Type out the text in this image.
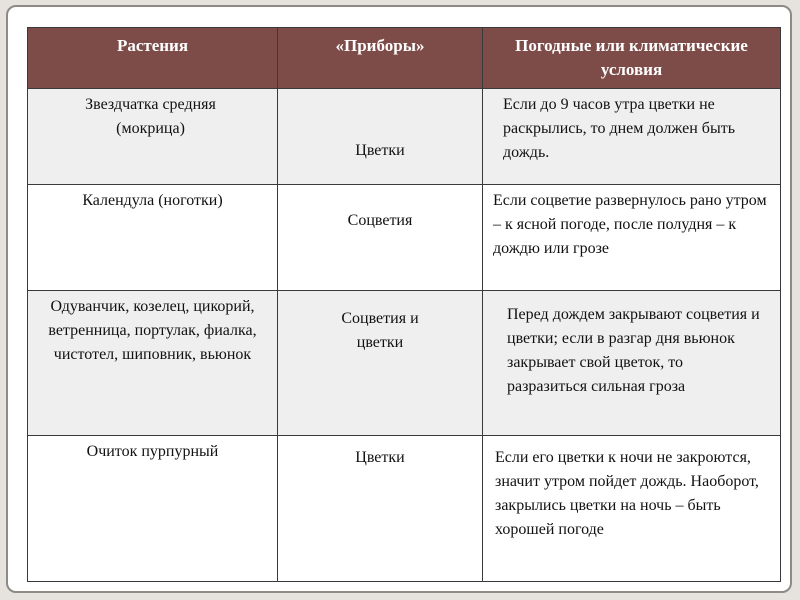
Растения	«Приборы»	Погодные или климатические условия

Звездчатка средняя (мокрица)	Цветки	Если до 9 часов утра цветки не раскрылись, то днем должен быть дождь.

Календула (ноготки)	Соцветия	Если соцветие развернулось рано утром – к ясной погоде, после полудня – к дождю или грозе

Одуванчик, козелец, цикорий, ветренница, портулак, фиалка, чистотел, шиповник, вьюнок	Соцветия и цветки	Перед дождем закрывают соцветия и цветки; если в разгар дня вьюнок закрывает свой цветок, то разразиться сильная гроза

Очиток пурпурный	Цветки	Если его цветки к ночи не закроются, значит утром пойдет дождь. Наоборот, закрылись цветки на ночь – быть хорошей погоде
